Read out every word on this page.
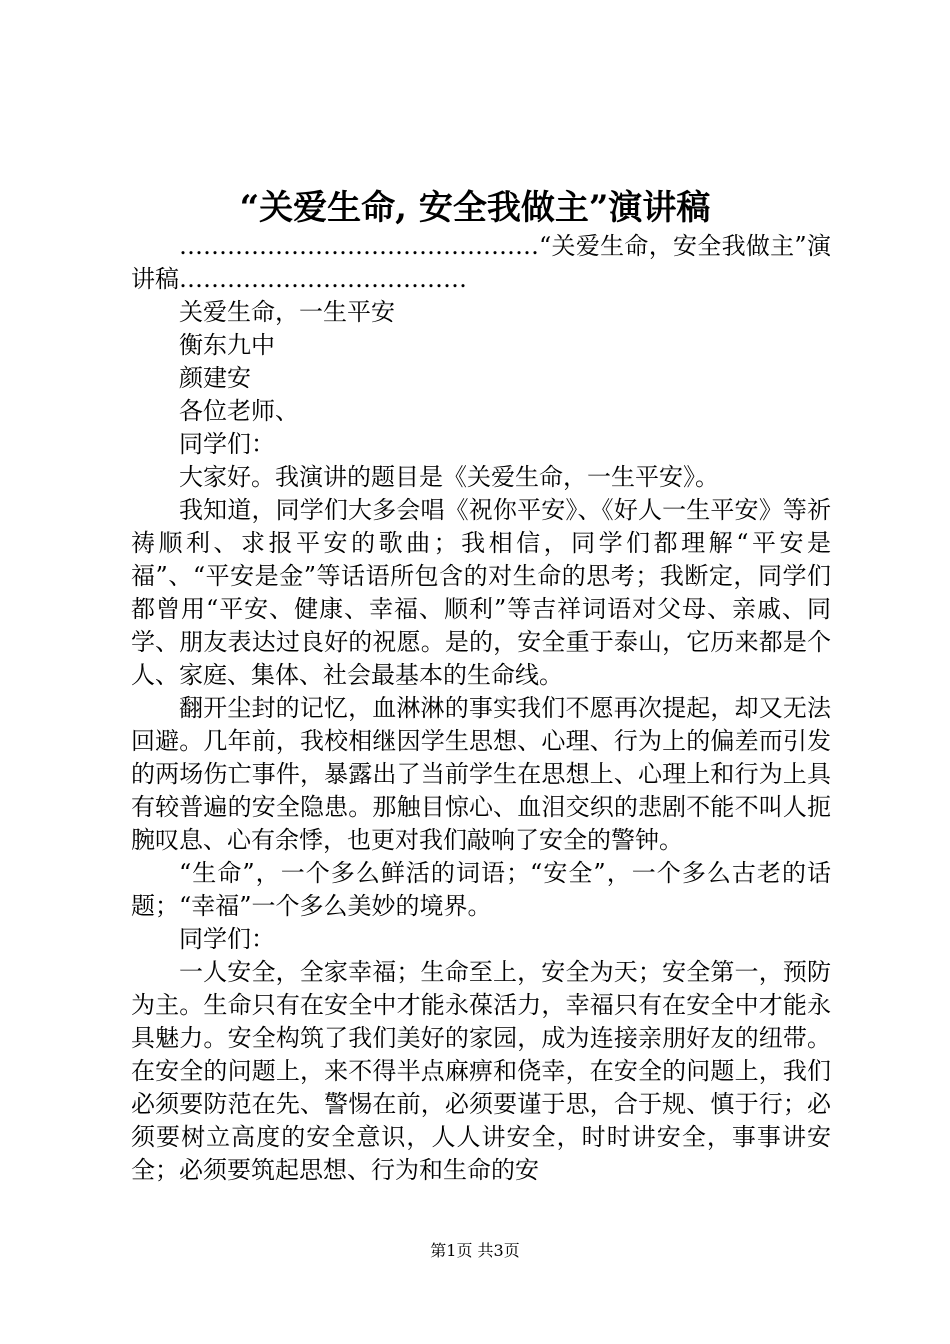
“关爱生命, 安全我做主”演讲稿

………………………………………“关爱生命，安全我做主”演讲稿………………………………

关爱生命，一生平安

衡东九中

颜建安

各位老师、

同学们：

大家好。我演讲的题目是《关爱生命，一生平安》。

我知道，同学们大多会唱《祝你平安》、《好人一生平安》等祈祷顺利、求报平安的歌曲；我相信，同学们都理解“平安是福”、“平安是金”等话语所包含的对生命的思考；我断定，同学们都曾用“平安、健康、幸福、顺利”等吉祥词语对父母、亲戚、同学、朋友表达过良好的祝愿。是的，安全重于泰山，它历来都是个人、家庭、集体、社会最基本的生命线。

翻开尘封的记忆，血淋淋的事实我们不愿再次提起，却又无法回避。几年前，我校相继因学生思想、心理、行为上的偏差而引发的两场伤亡事件，暴露出了当前学生在思想上、心理上和行为上具有较普遍的安全隐患。那触目惊心、血泪交织的悲剧不能不叫人扼腕叹息、心有余悸，也更对我们敲响了安全的警钟。

“生命”，一个多么鲜活的词语；“安全”，一个多么古老的话题；“幸福”一个多么美妙的境界。

同学们：

一人安全，全家幸福；生命至上，安全为天；安全第一，预防为主。生命只有在安全中才能永葆活力，幸福只有在安全中才能永具魅力。安全构筑了我们美好的家园，成为连接亲朋好友的纽带。在安全的问题上，来不得半点麻痹和侥幸，在安全的问题上，我们必须要防范在先、警惕在前，必须要谨于思，合于规、慎于行；必须要树立高度的安全意识，人人讲安全，时时讲安全，事事讲安全；必须要筑起思想、行为和生命的安

第1页 共3页
